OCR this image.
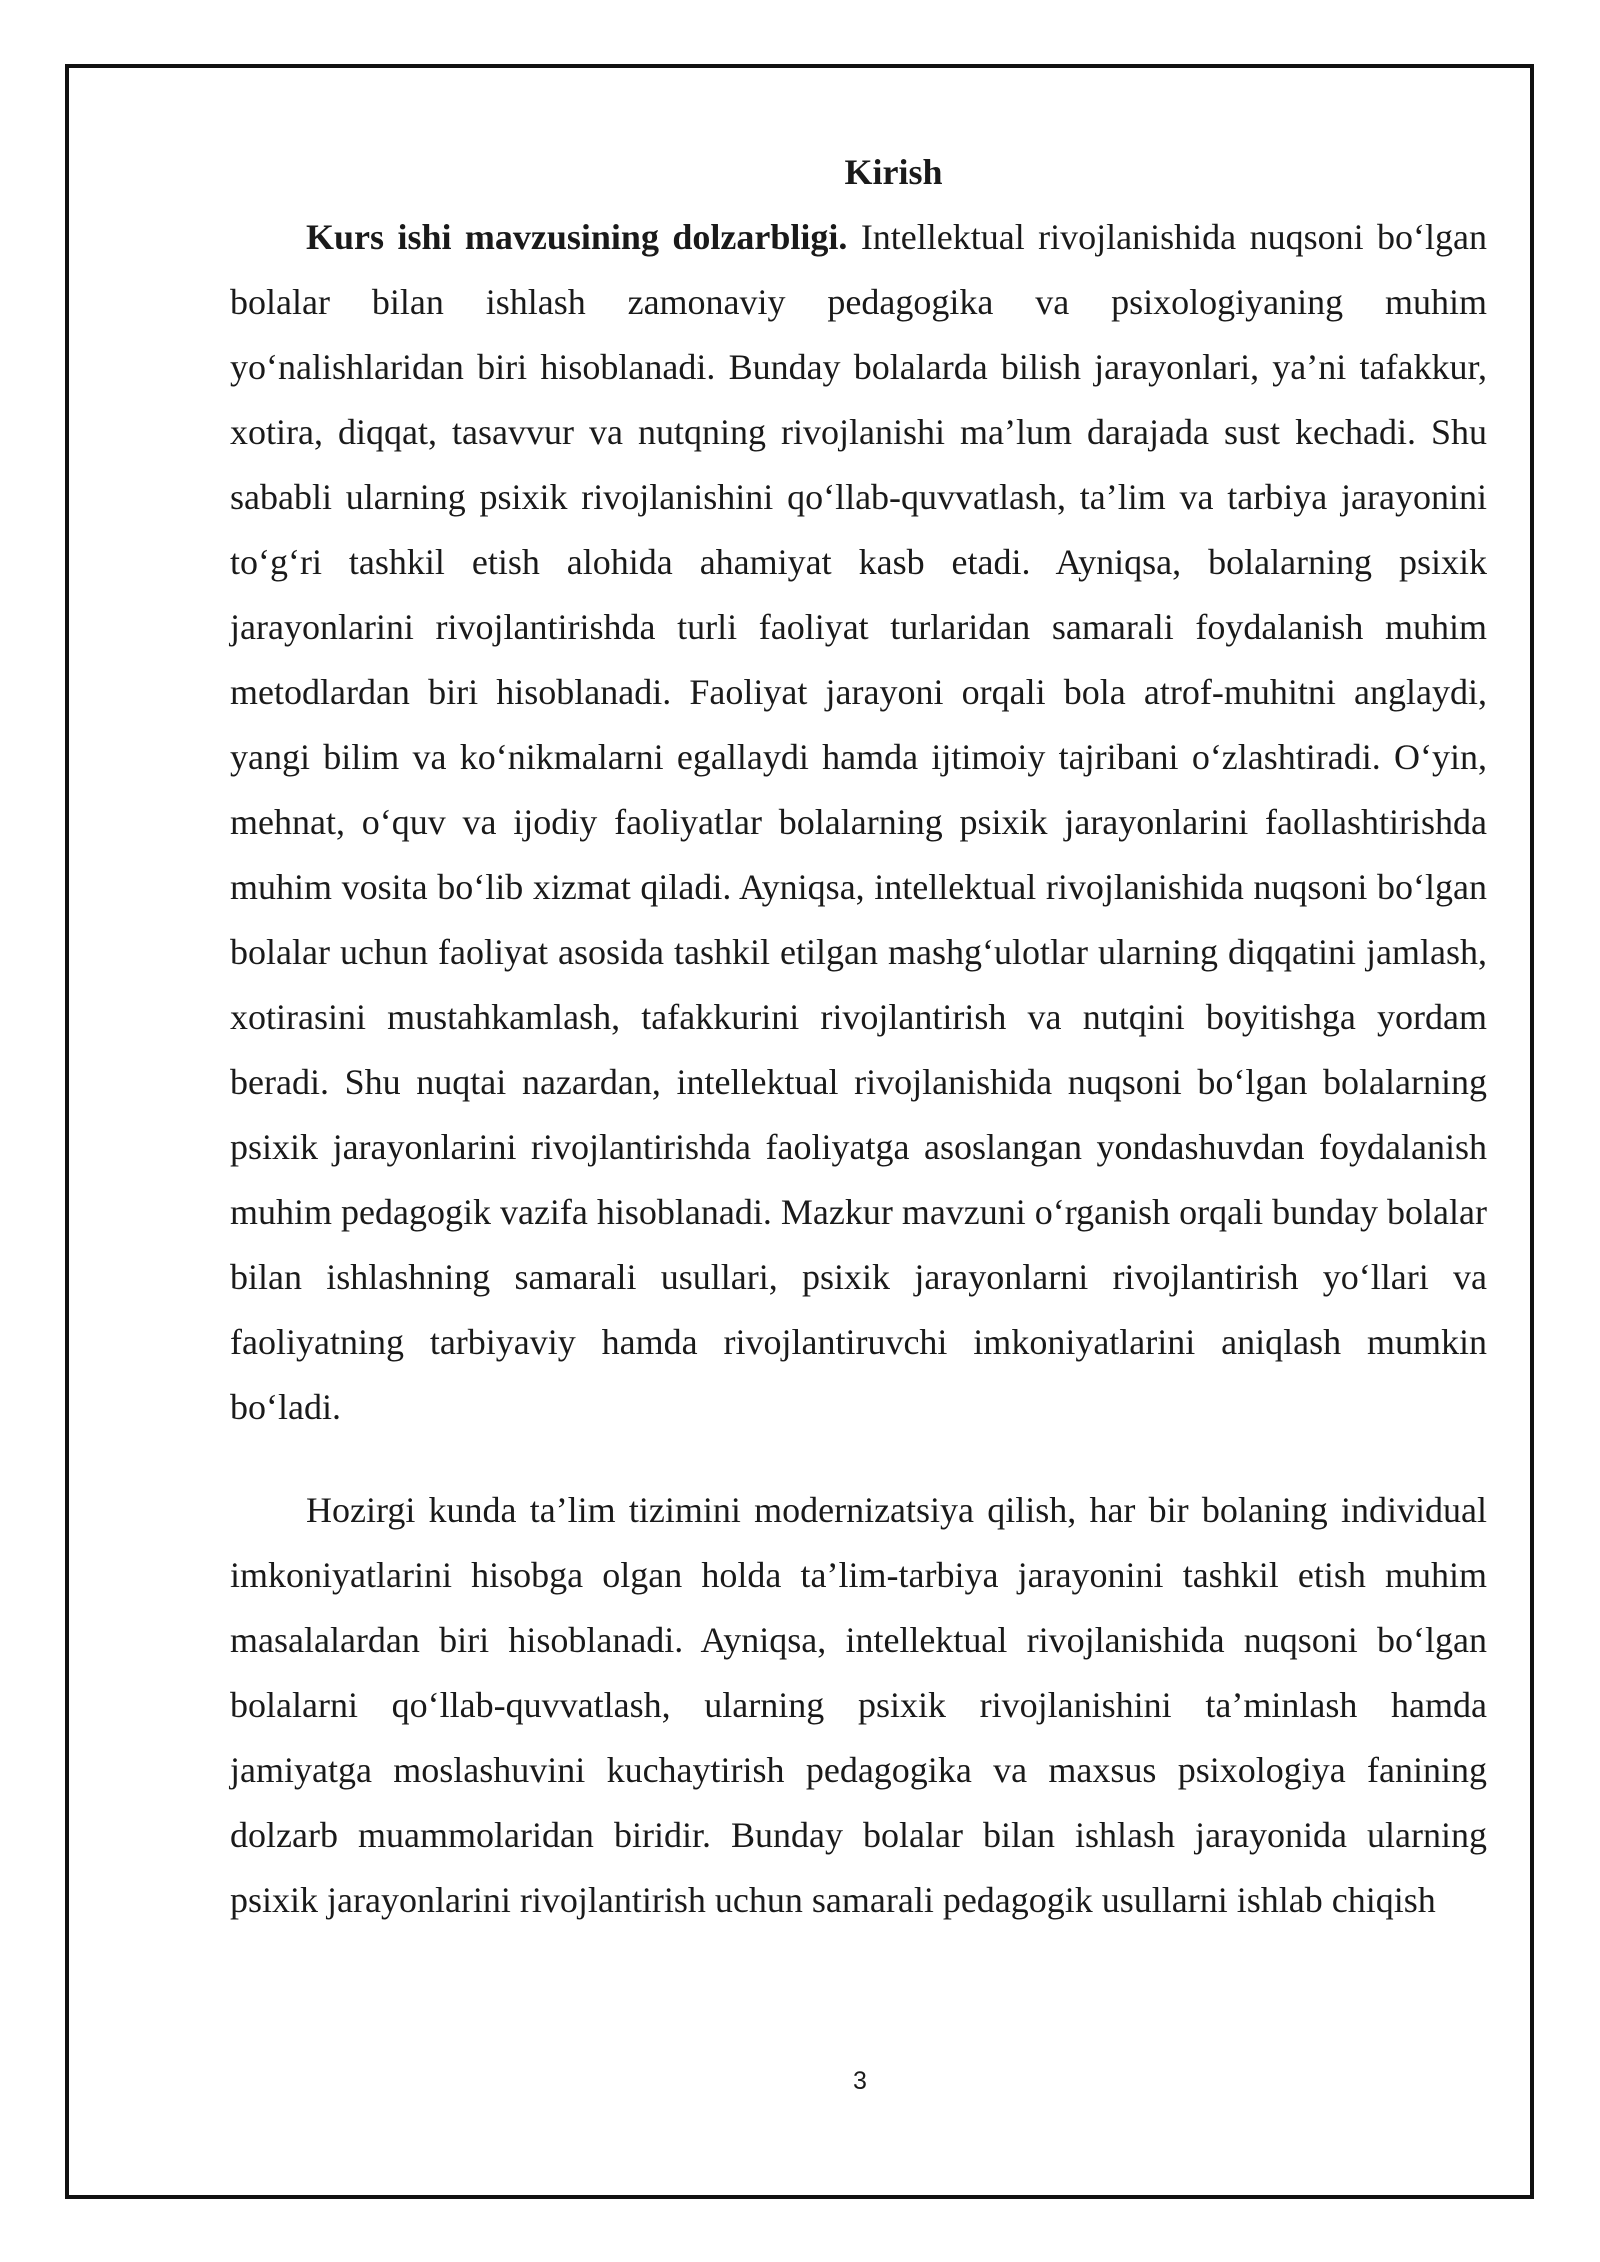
Kirish

Kurs ishi mavzusining dolzarbligi. Intellektual rivojlanishida nuqsoni bo‘lgan bolalar bilan ishlash zamonaviy pedagogika va psixologiyaning muhim yo‘nalishlaridan biri hisoblanadi. Bunday bolalarda bilish jarayonlari, ya’ni tafakkur, xotira, diqqat, tasavvur va nutqning rivojlanishi ma’lum darajada sust kechadi. Shu sababli ularning psixik rivojlanishini qo‘llab-quvvatlash, ta’lim va tarbiya jarayonini to‘g‘ri tashkil etish alohida ahamiyat kasb etadi. Ayniqsa, bolalarning psixik jarayonlarini rivojlantirishda turli faoliyat turlaridan samarali foydalanish muhim metodlardan biri hisoblanadi. Faoliyat jarayoni orqali bola atrof-muhitni anglaydi, yangi bilim va ko‘nikmalarni egallaydi hamda ijtimoiy tajribani o‘zlashtiradi. O‘yin, mehnat, o‘quv va ijodiy faoliyatlar bolalarning psixik jarayonlarini faollashtirishda muhim vosita bo‘lib xizmat qiladi. Ayniqsa, intellektual rivojlanishida nuqsoni bo‘lgan bolalar uchun faoliyat asosida tashkil etilgan mashg‘ulotlar ularning diqqatini jamlash, xotirasini mustahkamlash, tafakkurini rivojlantirish va nutqini boyitishga yordam beradi. Shu nuqtai nazardan, intellektual rivojlanishida nuqsoni bo‘lgan bolalarning psixik jarayonlarini rivojlantirishda faoliyatga asoslangan yondashuvdan foydalanish muhim pedagogik vazifa hisoblanadi. Mazkur mavzuni o‘rganish orqali bunday bolalar bilan ishlashning samarali usullari, psixik jarayonlarni rivojlantirish yo‘llari va faoliyatning tarbiyaviy hamda rivojlantiruvchi imkoniyatlarini aniqlash mumkin bo‘ladi.

Hozirgi kunda ta’lim tizimini modernizatsiya qilish, har bir bolaning individual imkoniyatlarini hisobga olgan holda ta’lim-tarbiya jarayonini tashkil etish muhim masalalardan biri hisoblanadi. Ayniqsa, intellektual rivojlanishida nuqsoni bo‘lgan bolalarni qo‘llab-quvvatlash, ularning psixik rivojlanishini ta’minlash hamda jamiyatga moslashuvini kuchaytirish pedagogika va maxsus psixologiya fanining dolzarb muammolaridan biridir. Bunday bolalar bilan ishlash jarayonida ularning psixik jarayonlarini rivojlantirish uchun samarali pedagogik usullarni ishlab chiqish

3
